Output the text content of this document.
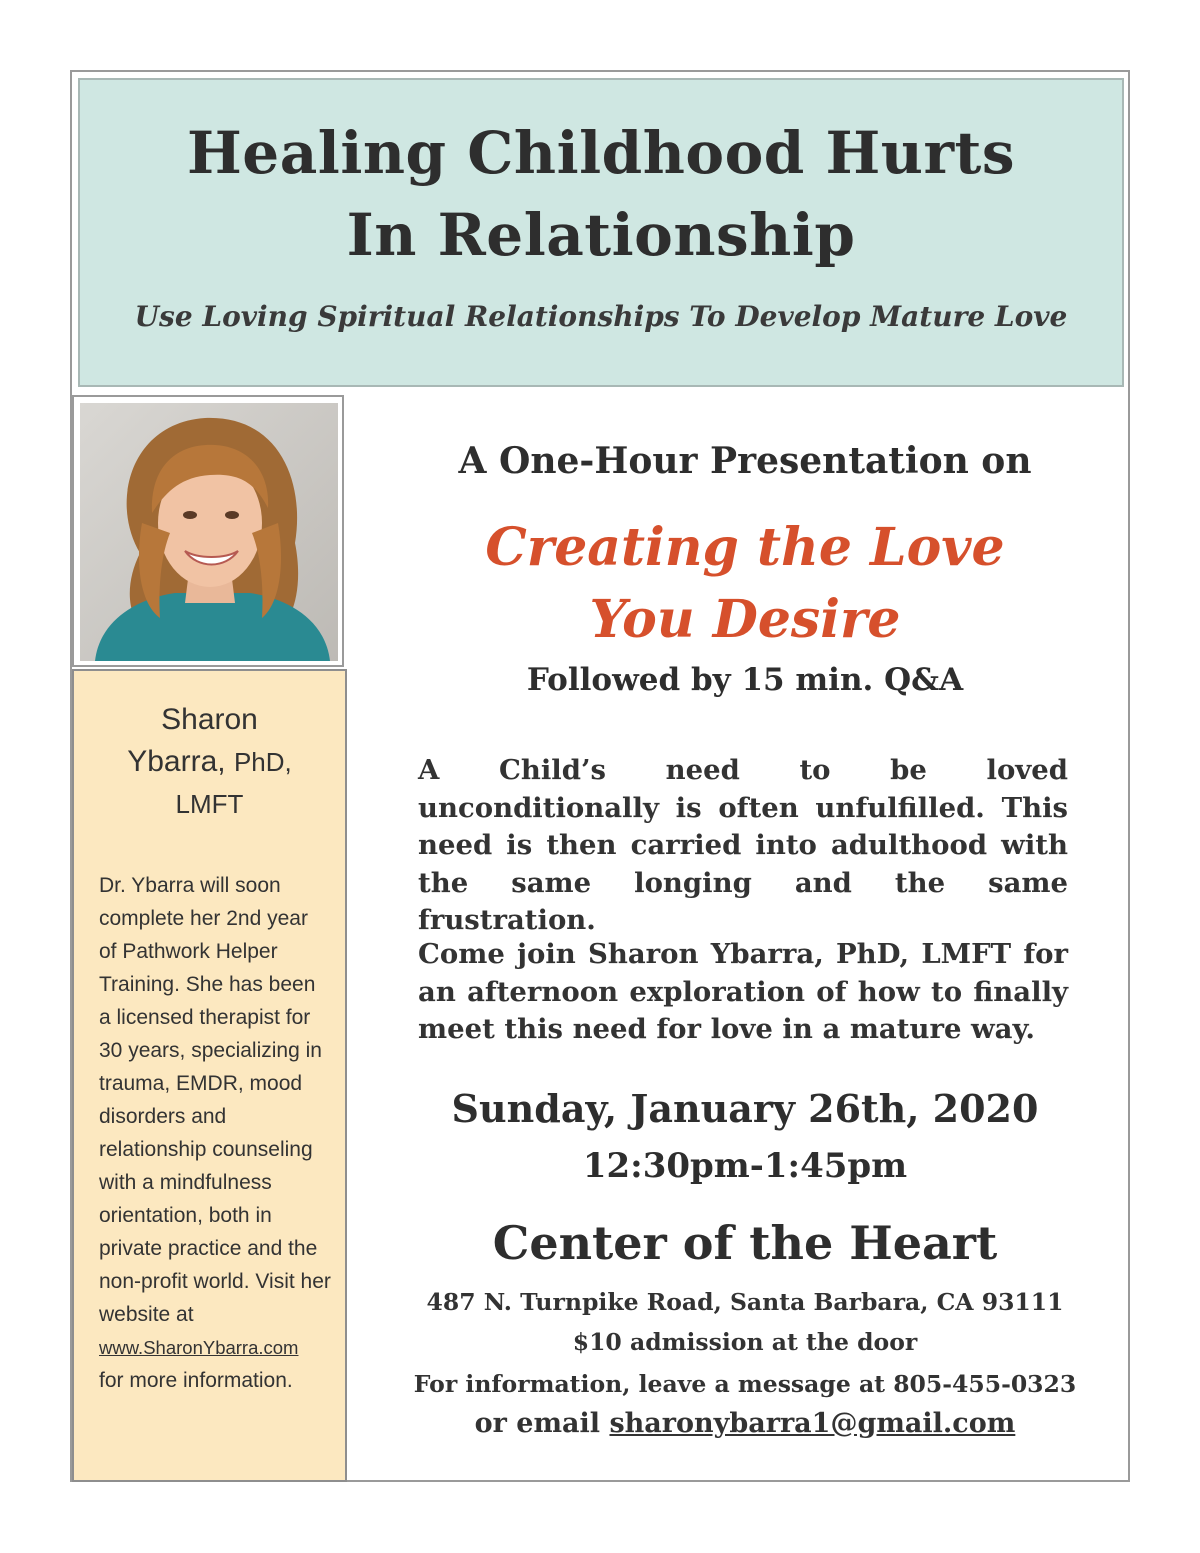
Healing Childhood Hurts
In Relationship

Use Loving Spiritual Relationships To Develop Mature Love

Sharon
Ybarra, PhD,
LMFT

Dr. Ybarra will soon complete her 2nd year of Pathwork Helper Training. She has been a licensed therapist for 30 years, specializing in trauma, EMDR, mood disorders and relationship counseling with a mindfulness orientation, both in private practice and the non-profit world. Visit her website at
www.SharonYbarra.com
for more information.

A One-Hour Presentation on

Creating the Love
You Desire

Followed by 15 min. Q&A

A Child’s need to be loved unconditionally is often unfulfilled. This need is then carried into adulthood with the same longing and the same frustration.

Come join Sharon Ybarra, PhD, LMFT for an afternoon exploration of how to finally meet this need for love in a mature way.

Sunday, January 26th, 2020

12:30pm-1:45pm

Center of the Heart

487 N. Turnpike Road, Santa Barbara, CA 93111

$10 admission at the door

For information, leave a message at 805-455-0323

or email sharonybarra1@gmail.com
